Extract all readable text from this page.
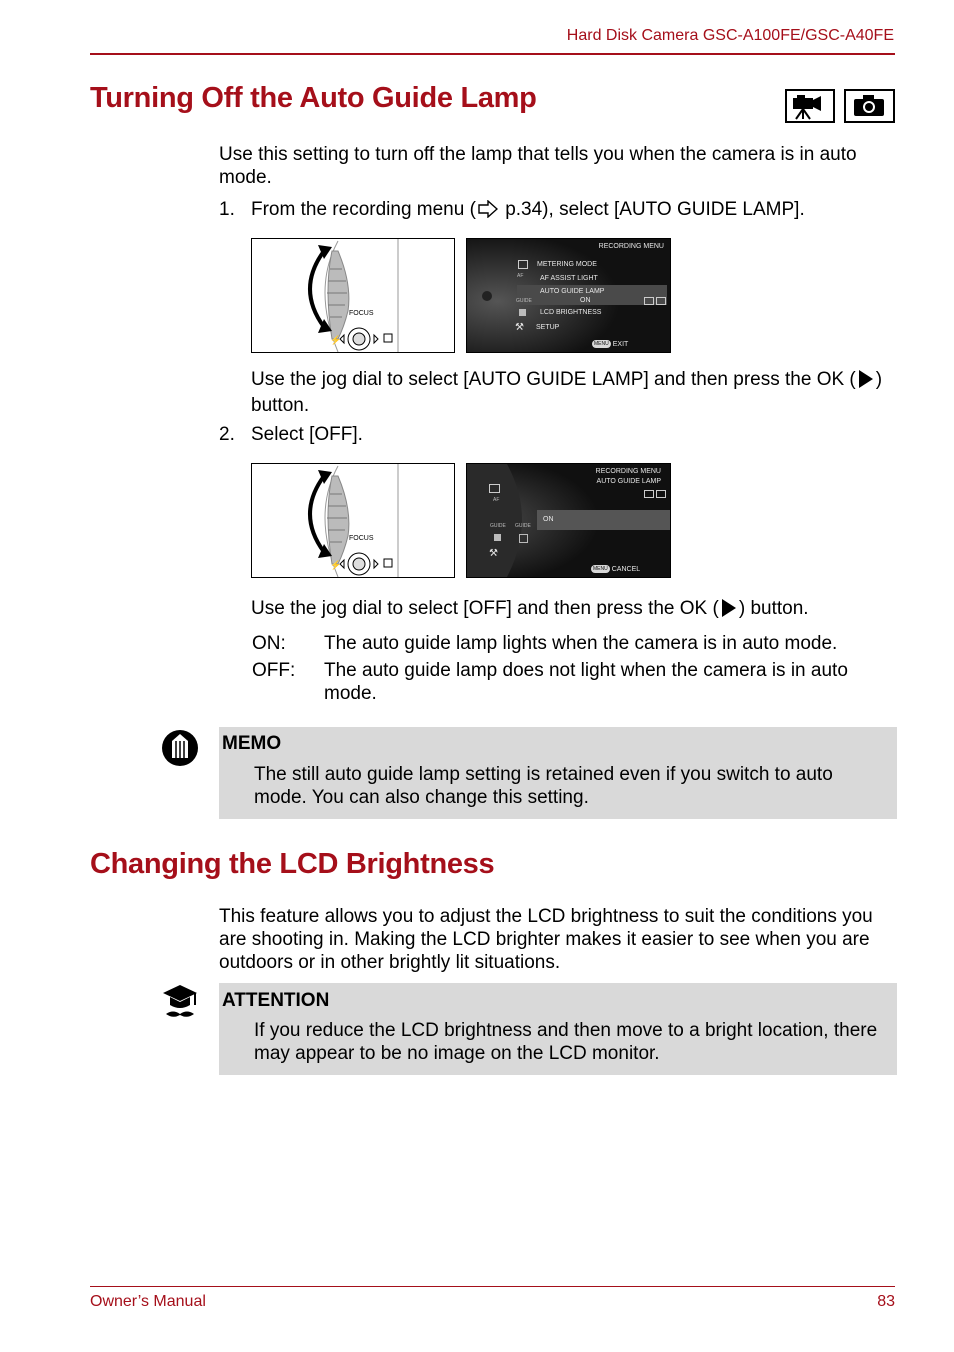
Hard Disk Camera GSC-A100FE/GSC-A40FE
Turning Off the Auto Guide Lamp
Use this setting to turn off the lamp that tells you when the camera is in auto mode.
1. From the recording menu ( p.34), select [AUTO GUIDE LAMP].
FOCUS
⚡
RECORDING MENU
METERING MODE
AF ASSIST LIGHT
AUTO GUIDE LAMP
ON
LCD BRIGHTNESS
SETUP
AF
GUIDE
⚒
MENU EXIT
Use the jog dial to select [AUTO GUIDE LAMP] and then press the OK ( ) button.
2. Select [OFF].
FOCUS
⚡
RECORDING MENU
AUTO GUIDE LAMP
ON
AF
GUIDE GUIDE
⚒
MENU CANCEL
Use the jog dial to select [OFF] and then press the OK ( ) button.
ON: The auto guide lamp lights when the camera is in auto mode.
OFF: The auto guide lamp does not light when the camera is in auto mode.
MEMO
The still auto guide lamp setting is retained even if you switch to auto mode. You can also change this setting.
Changing the LCD Brightness
This feature allows you to adjust the LCD brightness to suit the conditions you are shooting in. Making the LCD brighter makes it easier to see when you are outdoors or in other brightly lit situations.
ATTENTION
If you reduce the LCD brightness and then move to a bright location, there may appear to be no image on the LCD monitor.
Owner’s Manual	83
